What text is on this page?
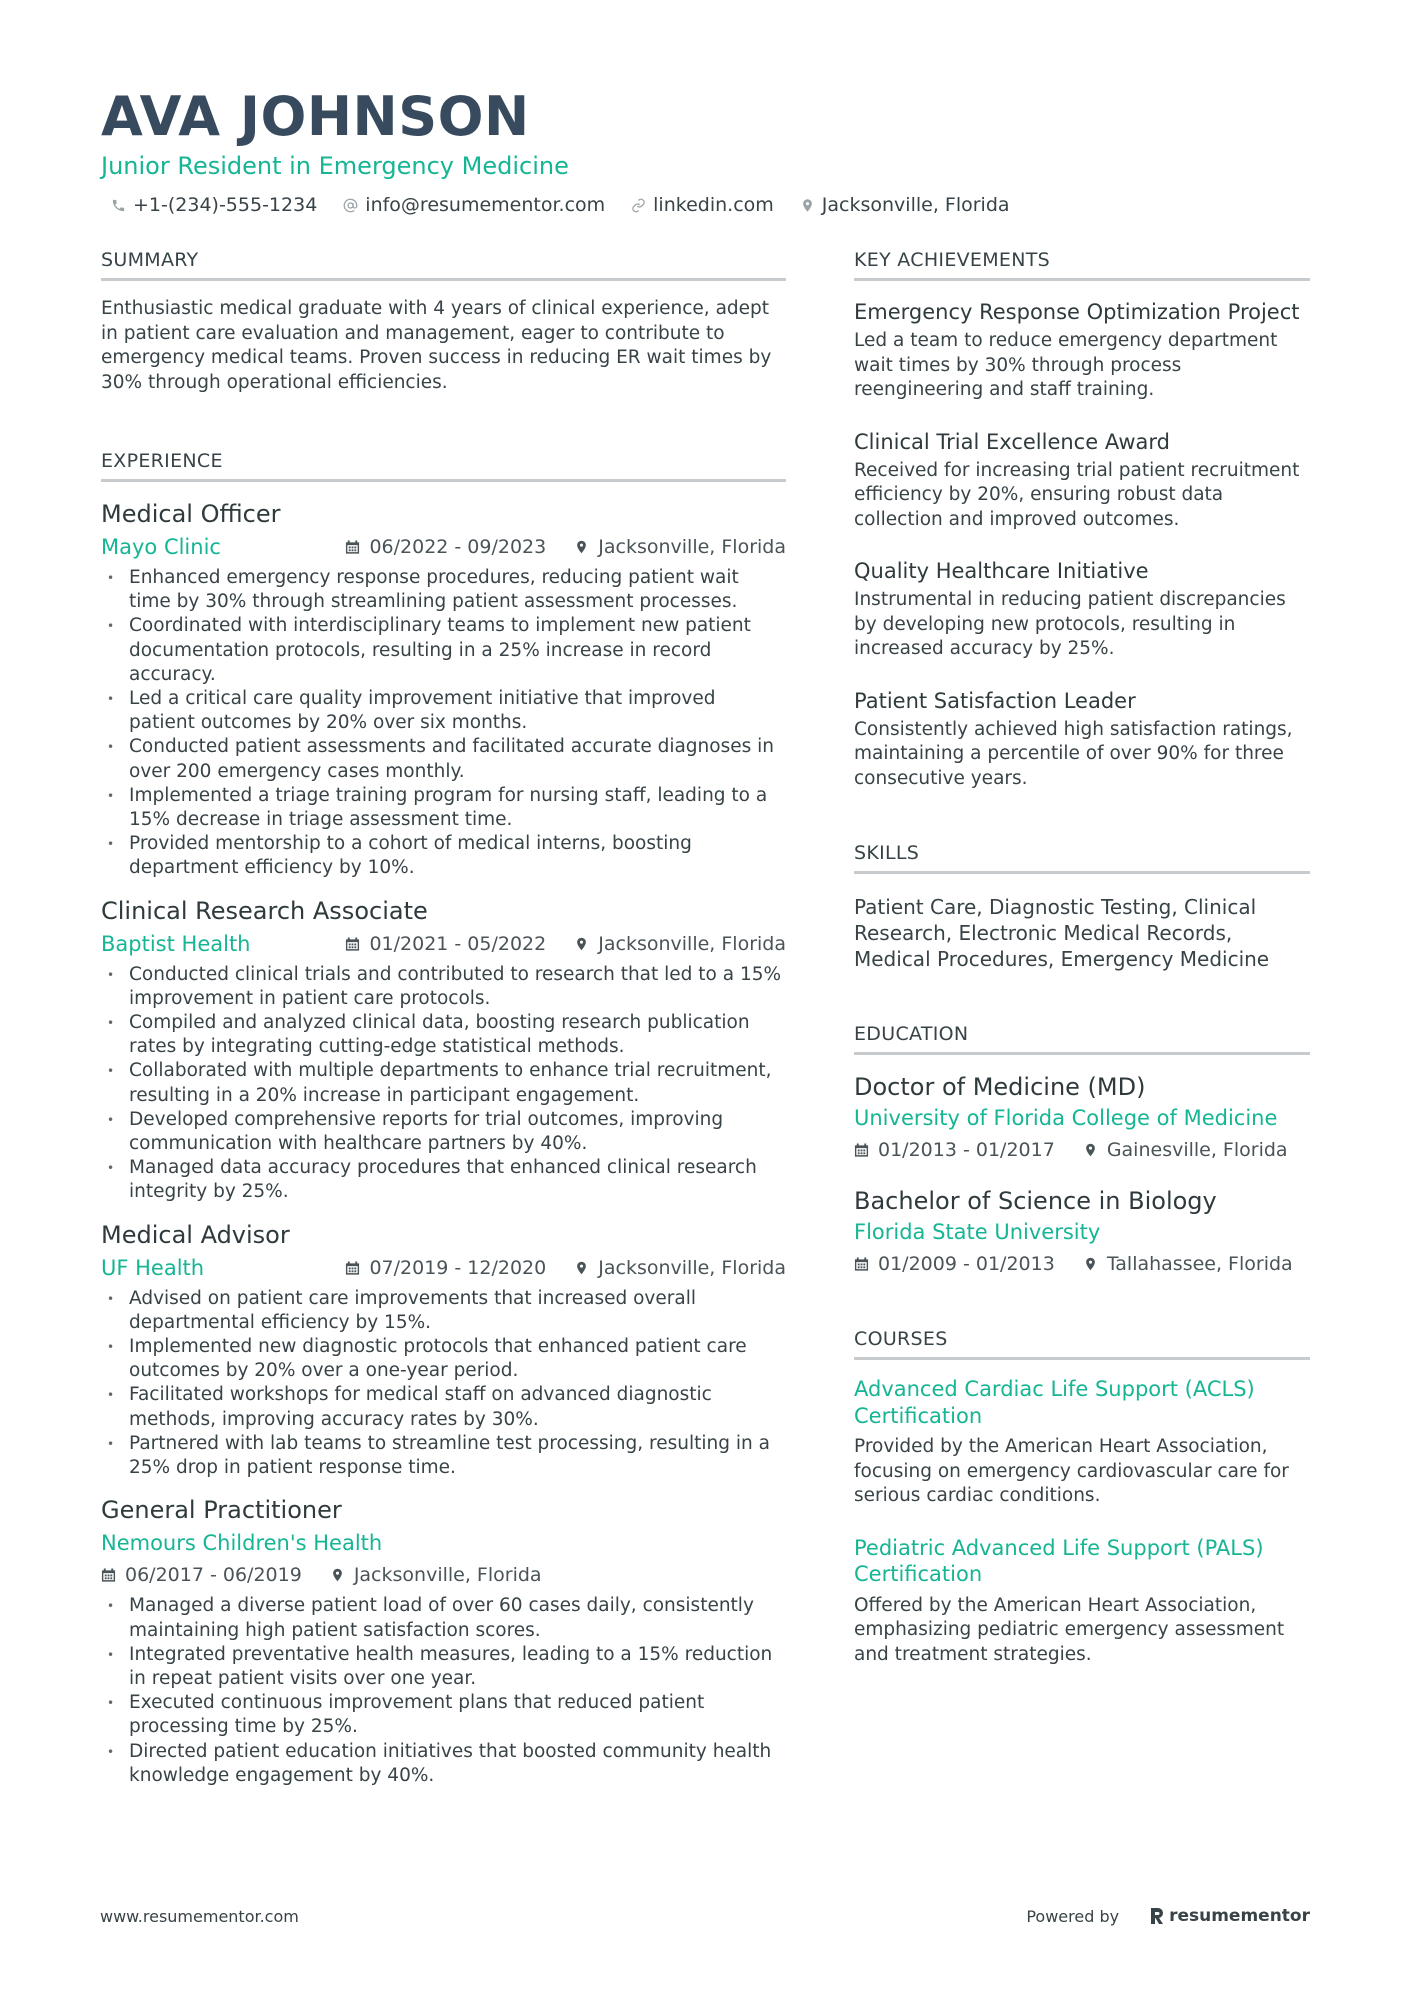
AVA JOHNSON
Junior Resident in Emergency Medicine
+1-(234)-555-1234	info@resumementor.com	linkedin.com	Jacksonville, Florida
SUMMARY

Enthusiastic medical graduate with 4 years of clinical experience, adept in patient care evaluation and management, eager to contribute to emergency medical teams. Proven success in reducing ER wait times by 30% through operational efficiencies.

EXPERIENCE
Medical Officer
Mayo Clinic	06/2022 - 09/2023	Jacksonville, Florida
• Enhanced emergency response procedures, reducing patient wait time by 30% through streamlining patient assessment processes.
• Coordinated with interdisciplinary teams to implement new patient documentation protocols, resulting in a 25% increase in record accuracy.
• Led a critical care quality improvement initiative that improved patient outcomes by 20% over six months.
• Conducted patient assessments and facilitated accurate diagnoses in over 200 emergency cases monthly.
• Implemented a triage training program for nursing staff, leading to a 15% decrease in triage assessment time.
• Provided mentorship to a cohort of medical interns, boosting department efficiency by 10%.
Clinical Research Associate
Baptist Health	01/2021 - 05/2022	Jacksonville, Florida
• Conducted clinical trials and contributed to research that led to a 15% improvement in patient care protocols.
• Compiled and analyzed clinical data, boosting research publication rates by integrating cutting-edge statistical methods.
• Collaborated with multiple departments to enhance trial recruitment, resulting in a 20% increase in participant engagement.
• Developed comprehensive reports for trial outcomes, improving communication with healthcare partners by 40%.
• Managed data accuracy procedures that enhanced clinical research integrity by 25%.
Medical Advisor
UF Health	07/2019 - 12/2020	Jacksonville, Florida
• Advised on patient care improvements that increased overall departmental efficiency by 15%.
• Implemented new diagnostic protocols that enhanced patient care outcomes by 20% over a one-year period.
• Facilitated workshops for medical staff on advanced diagnostic methods, improving accuracy rates by 30%.
• Partnered with lab teams to streamline test processing, resulting in a 25% drop in patient response time.
General Practitioner
Nemours Children's Health
06/2017 - 06/2019	Jacksonville, Florida
• Managed a diverse patient load of over 60 cases daily, consistently maintaining high patient satisfaction scores.
• Integrated preventative health measures, leading to a 15% reduction in repeat patient visits over one year.
• Executed continuous improvement plans that reduced patient processing time by 25%.
• Directed patient education initiatives that boosted community health knowledge engagement by 40%.
KEY ACHIEVEMENTS
Emergency Response Optimization Project

Led a team to reduce emergency department wait times by 30% through process reengineering and staff training.

Clinical Trial Excellence Award

Received for increasing trial patient recruitment efficiency by 20%, ensuring robust data collection and improved outcomes.

Quality Healthcare Initiative

Instrumental in reducing patient discrepancies by developing new protocols, resulting in increased accuracy by 25%.

Patient Satisfaction Leader

Consistently achieved high satisfaction ratings, maintaining a percentile of over 90% for three consecutive years.

SKILLS

Patient Care, Diagnostic Testing, Clinical Research, Electronic Medical Records, Medical Procedures, Emergency Medicine

EDUCATION
Doctor of Medicine (MD)
University of Florida College of Medicine
01/2013 - 01/2017	Gainesville, Florida
Bachelor of Science in Biology
Florida State University
01/2009 - 01/2013	Tallahassee, Florida
COURSES
Advanced Cardiac Life Support (ACLS) Certification

Provided by the American Heart Association, focusing on emergency cardiovascular care for serious cardiac conditions.

Pediatric Advanced Life Support (PALS) Certification

Offered by the American Heart Association, emphasizing pediatric emergency assessment and treatment strategies.

www.resumementor.com	Powered by	resumementor
